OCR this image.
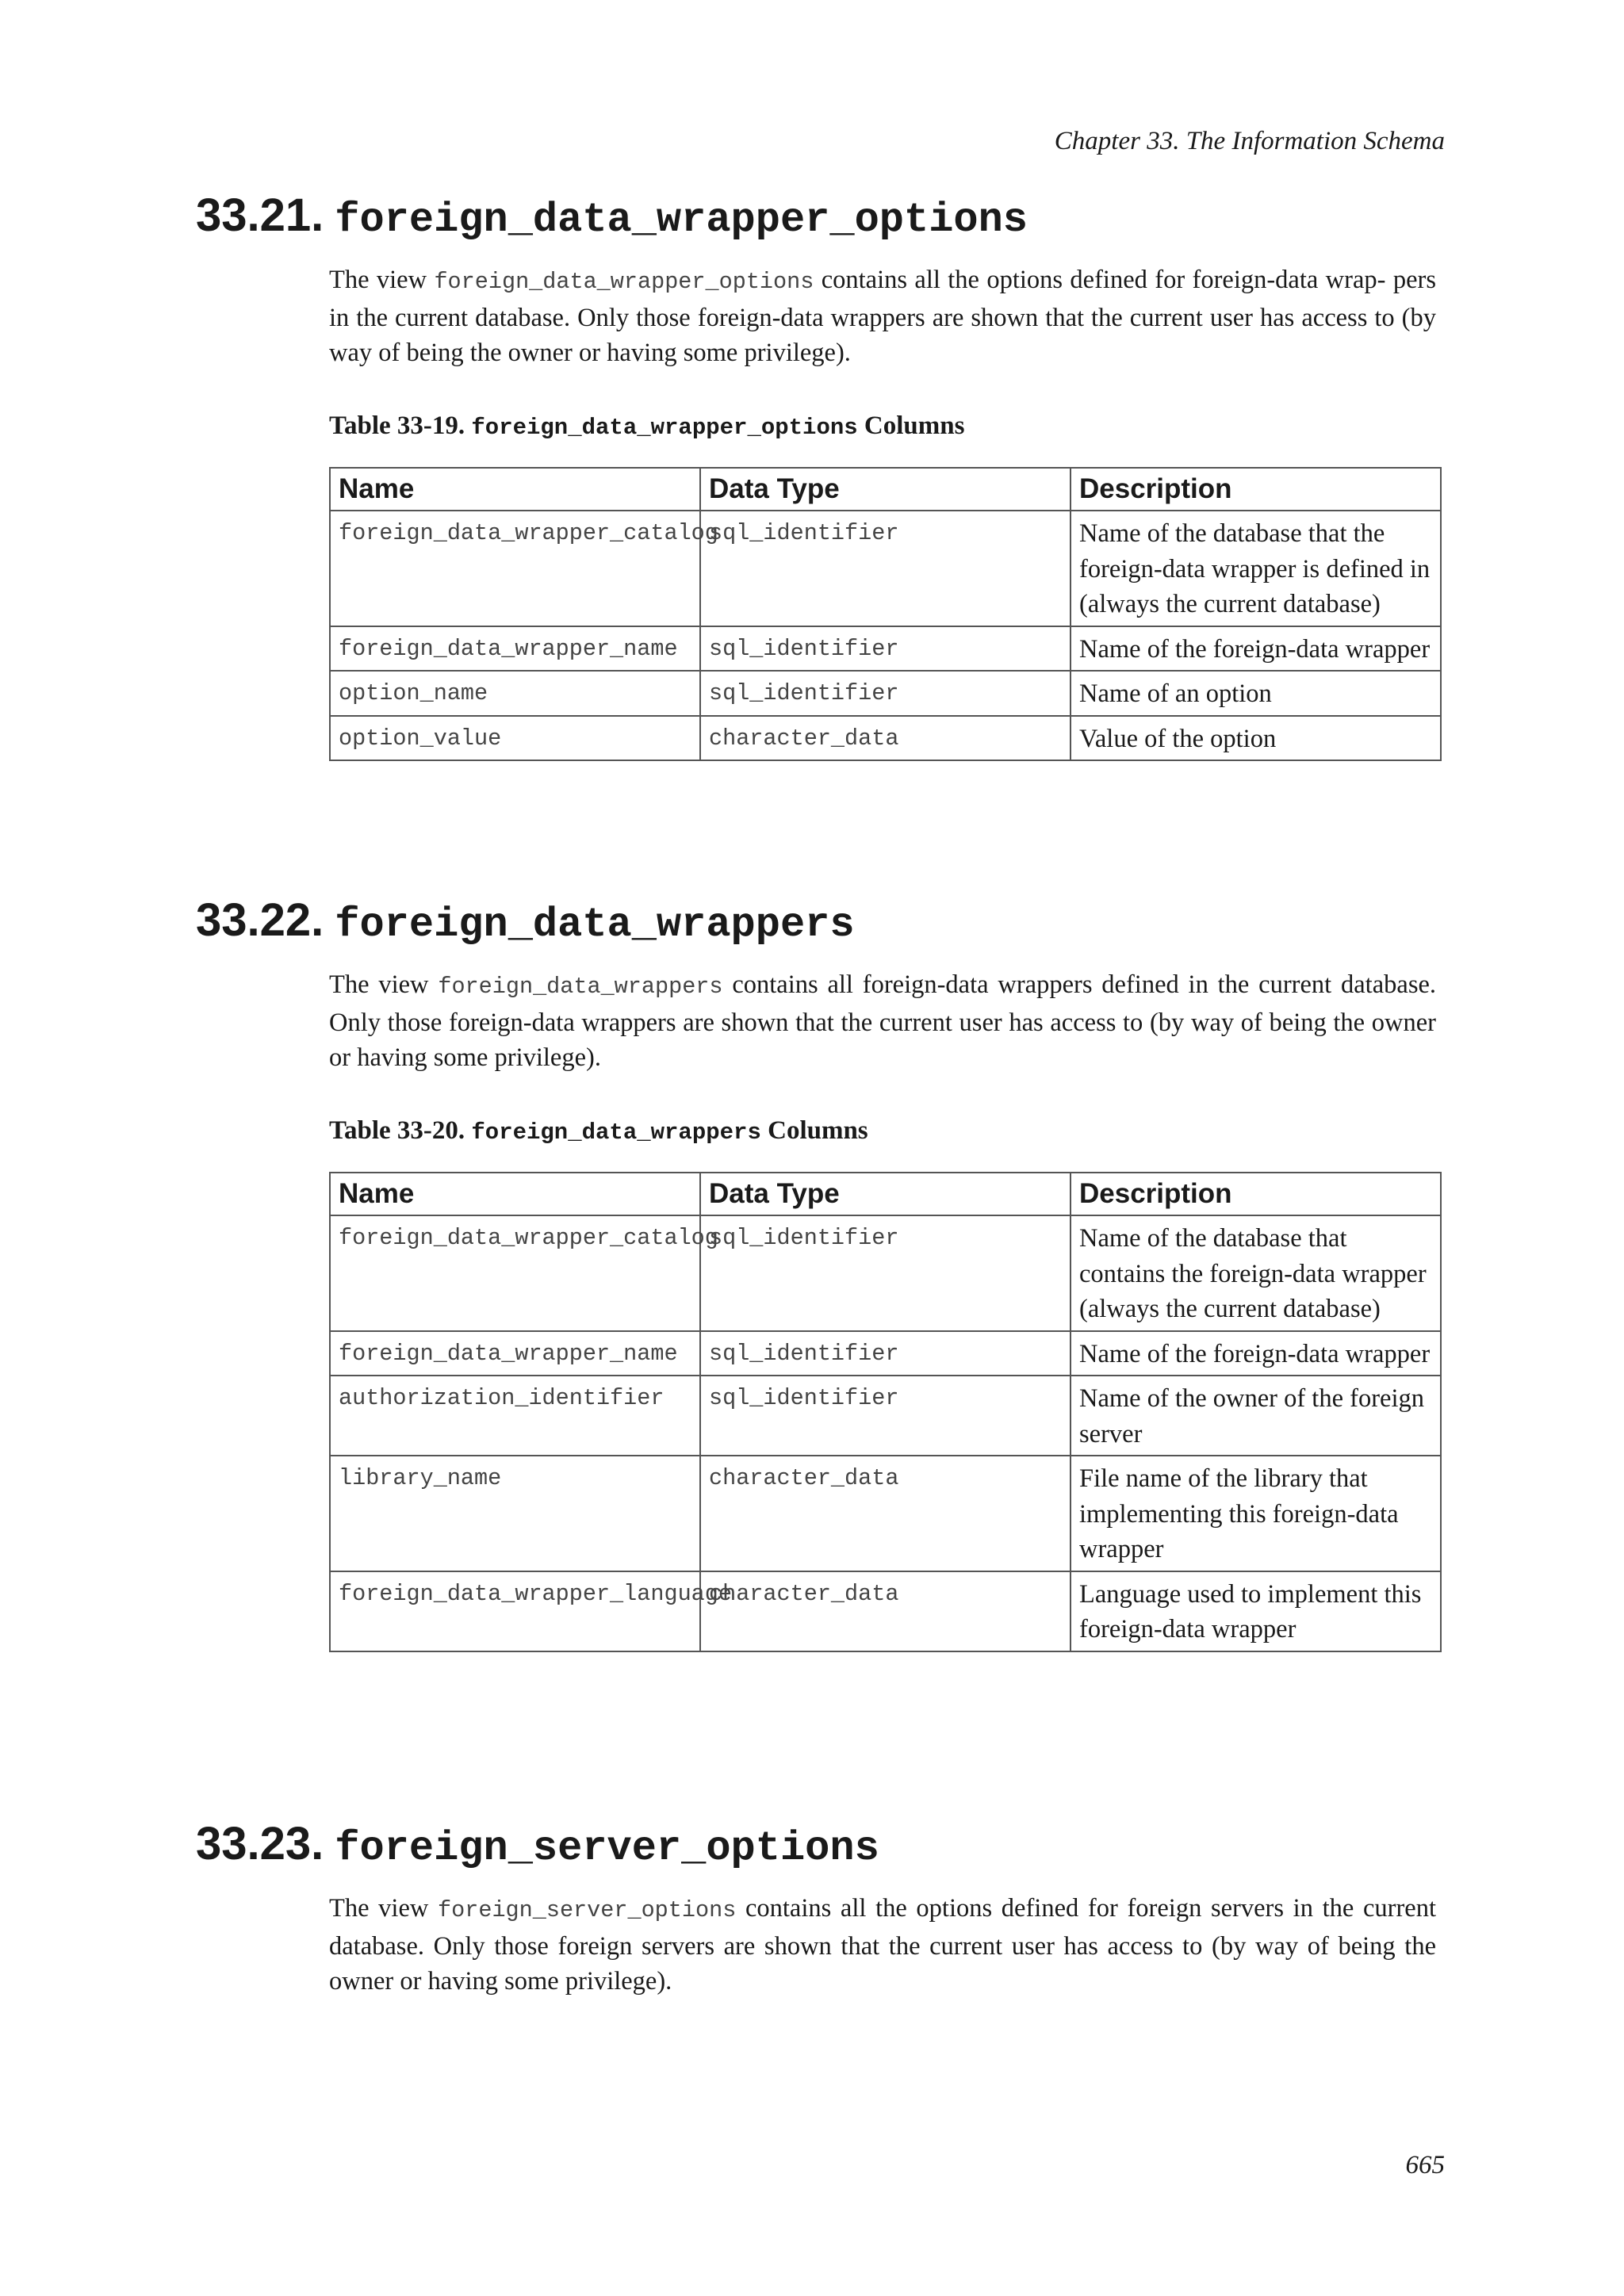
Chapter 33. The Information Schema
33.21. foreign_data_wrapper_options

The view foreign_data_wrapper_options contains all the options defined for foreign-data wrap- pers in the current database. Only those foreign-data wrappers are shown that the current user has access to (by way of being the owner or having some privilege).

Table 33-19. foreign_data_wrapper_options Columns
Name	Data Type	Description
foreign_data_wrapper_catalog	sql_identifier	Name of the database that the foreign-data wrapper is defined in (always the current database)
foreign_data_wrapper_name	sql_identifier	Name of the foreign-data wrapper
option_name	sql_identifier	Name of an option
option_value	character_data	Value of the option
33.22. foreign_data_wrappers

The view foreign_data_wrappers contains all foreign-data wrappers defined in the current database. Only those foreign-data wrappers are shown that the current user has access to (by way of being the owner or having some privilege).

Table 33-20. foreign_data_wrappers Columns
Name	Data Type	Description
foreign_data_wrapper_catalog	sql_identifier	Name of the database that contains the foreign-data wrapper (always the current database)
foreign_data_wrapper_name	sql_identifier	Name of the foreign-data wrapper
authorization_identifier	sql_identifier	Name of the owner of the foreign server
library_name	character_data	File name of the library that implementing this foreign-data wrapper
foreign_data_wrapper_language	character_data	Language used to implement this foreign-data wrapper
33.23. foreign_server_options

The view foreign_server_options contains all the options defined for foreign servers in the current database. Only those foreign servers are shown that the current user has access to (by way of being the owner or having some privilege).

665
